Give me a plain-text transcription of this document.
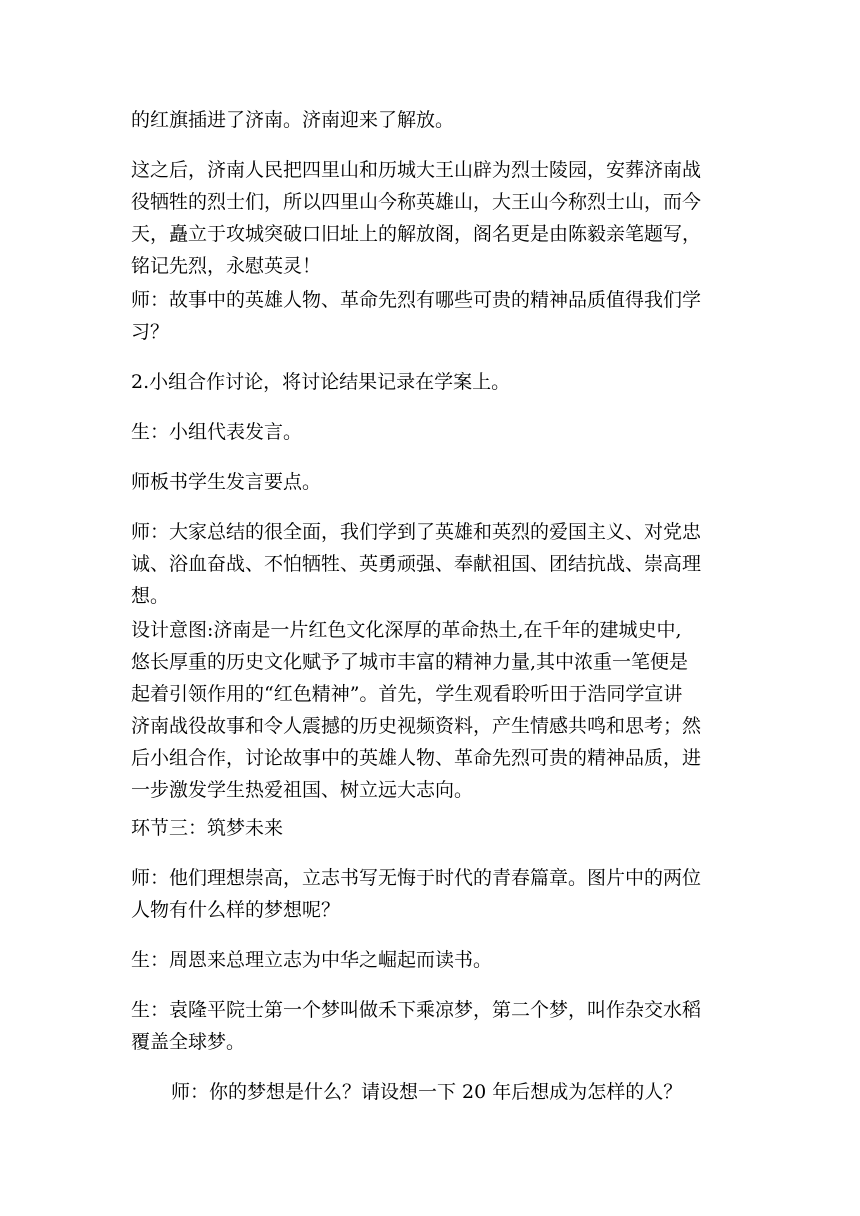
的红旗插进了济南。济南迎来了解放。

这之后，济南人民把四里山和历城大王山辟为烈士陵园，安葬济南战
役牺牲的烈士们，所以四里山今称英雄山，大王山今称烈士山，而今
天，矗立于攻城突破口旧址上的解放阁，阁名更是由陈毅亲笔题写，
铭记先烈，永慰英灵！

师：故事中的英雄人物、革命先烈有哪些可贵的精神品质值得我们学
习？

2.小组合作讨论，将讨论结果记录在学案上。

生：小组代表发言。

师板书学生发言要点。

师：大家总结的很全面，我们学到了英雄和英烈的爱国主义、对党忠
诚、浴血奋战、不怕牺牲、英勇顽强、奉献祖国、团结抗战、崇高理
想。

设计意图:济南是一片红色文化深厚的革命热土,在千年的建城史中,
悠长厚重的历史文化赋予了城市丰富的精神力量,其中浓重一笔便是
起着引领作用的“红色精神”。首先，学生观看聆听田于浩同学宣讲
济南战役故事和令人震撼的历史视频资料，产生情感共鸣和思考；然
后小组合作，讨论故事中的英雄人物、革命先烈可贵的精神品质，进
一步激发学生热爱祖国、树立远大志向。

环节三：筑梦未来

师：他们理想崇高，立志书写无悔于时代的青春篇章。图片中的两位
人物有什么样的梦想呢？

生：周恩来总理立志为中华之崛起而读书。

生：袁隆平院士第一个梦叫做禾下乘凉梦，第二个梦，叫作杂交水稻
覆盖全球梦。

师：你的梦想是什么？请设想一下 20 年后想成为怎样的人？
